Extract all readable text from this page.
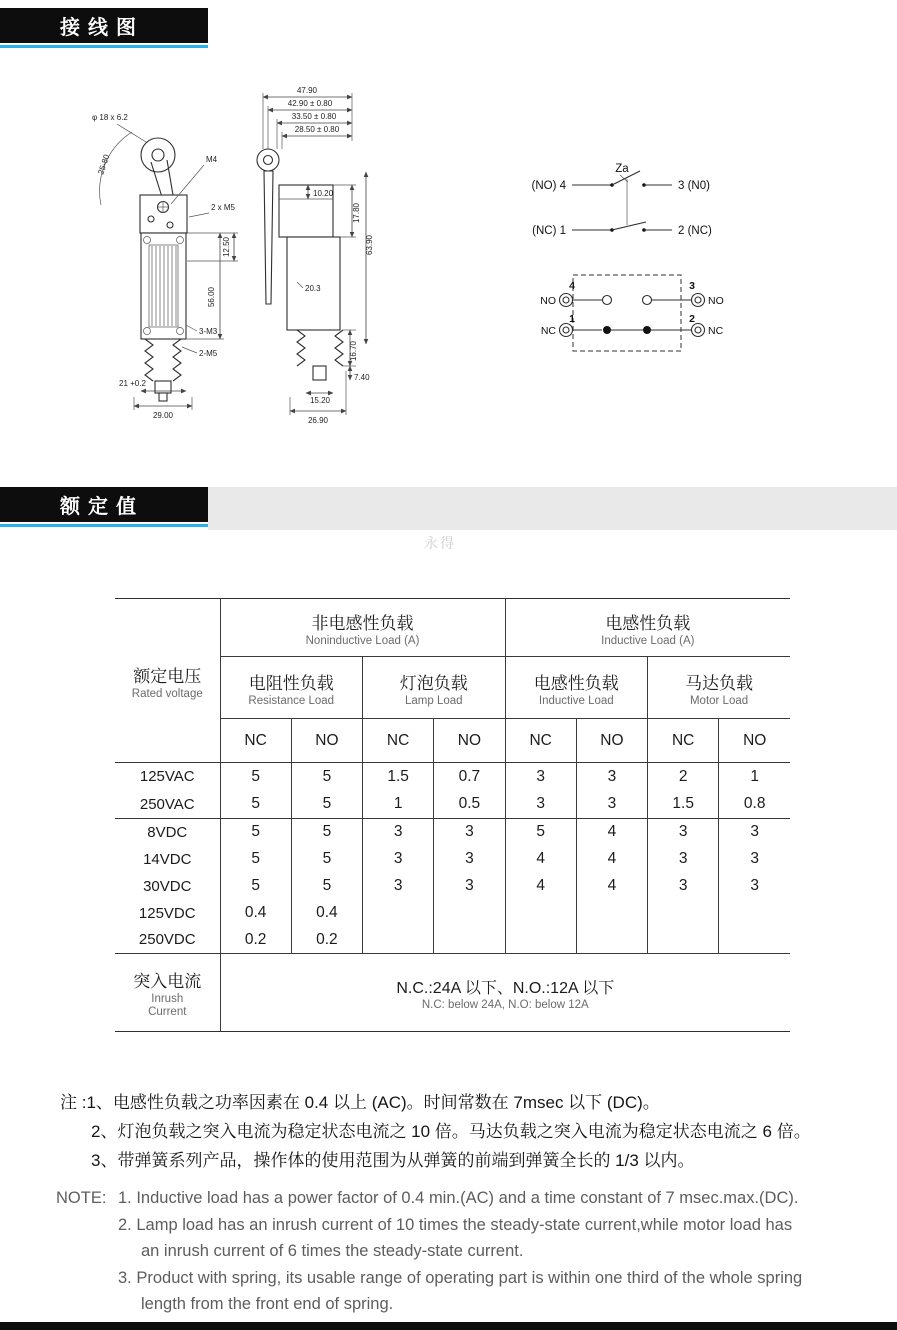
接线图
φ 18 x 6.2
25-80	M4
2 x M5
56.00
12.50
3-M3
2-M5
21 +0.2
29.00
47.90
42.90 ± 0.80
33.50 ± 0.80
28.50 ± 0.80
10.20
17.80
20.3
63.90
16.70
7.40
15.20
26.90
Za
(NO) 4	3 (N0)
(NC) 1	2 (NC)
NO
4	3
NO
NC
1	2
NC
额定值
永得
额定电压
Rated voltage

非电感性负载
Noninductive Load (A)

电感性负载
Inductive Load (A)

电阻性负载
Resistance Load

灯泡负载
Lamp Load

电感性负载
Inductive Load

马达负载
Motor Load

	NC	NO	NC	NO	NC	NO	NC	NO
125VAC	5	5	1.5	0.7	3	3	2	1
250VAC	5	5	1	0.5	3	3	1.5	0.8
8VDC	5	5	3	3	5	4	3	3
14VDC	5	5	3	3	4	4	3	3
30VDC	5	5	3	3	4	4	3	3
125VDC	0.4	0.4						
250VDC	0.2	0.2						

突入电流
Inrush
Current

N.C.:24A 以下、N.O.:12A 以下
N.C: below 24A, N.O: below 12A
注 :1、电感性负载之功率因素在 0.4 以上 (AC)。时间常数在 7msec 以下 (DC)。
2、灯泡负载之突入电流为稳定状态电流之 10 倍。马达负载之突入电流为稳定状态电流之 6 倍。
3、带弹簧系列产品，操作体的使用范围为从弹簧的前端到弹簧全长的 1/3 以内。
NOTE: 1. Inductive load has a power factor of 0.4 min.(AC) and a time constant of 7 msec.max.(DC).
2. Lamp load has an inrush current of 10 times the steady-state current,while motor load has an inrush current of 6 times the steady-state current.
3. Product with spring, its usable range of operating part is within one third of the whole spring length from the front end of spring.
